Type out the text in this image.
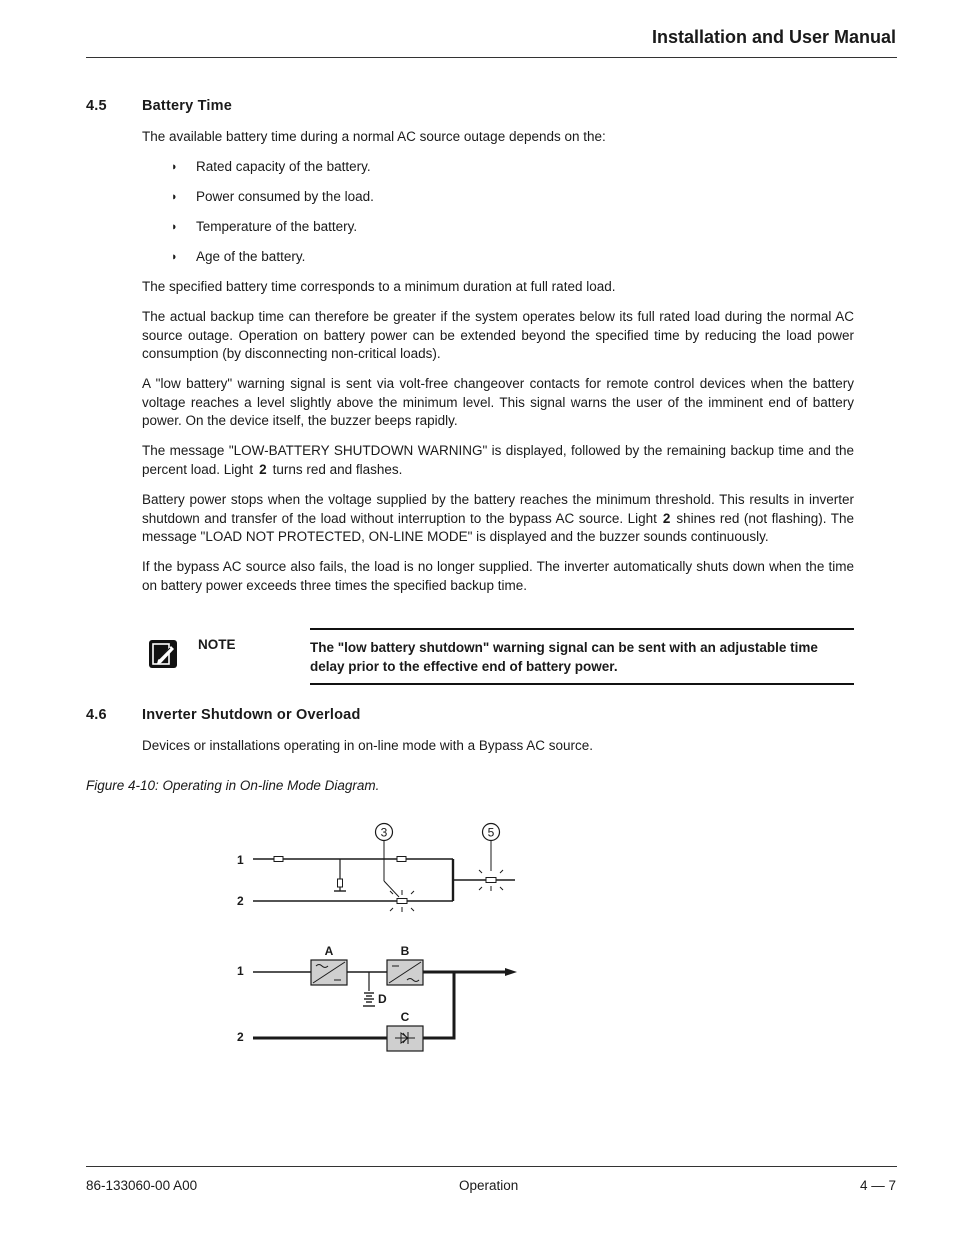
Installation and User Manual
4.5 Battery Time

The available battery time during a normal AC source outage depends on the:

◗ Rated capacity of the battery.
◗ Power consumed by the load.
◗ Temperature of the battery.
◗ Age of the battery.

The specified battery time corresponds to a minimum duration at full rated load.

The actual backup time can therefore be greater if the system operates below its full rated load during the normal AC source outage. Operation on battery power can be extended beyond the specified time by reducing the load power consumption (by disconnecting non-critical loads).

A "low battery" warning signal is sent via volt-free changeover contacts for remote control devices when the battery voltage reaches a level slightly above the minimum level. This signal warns the user of the imminent end of battery power. On the device itself, the buzzer beeps rapidly.

The message "LOW-BATTERY SHUTDOWN WARNING" is displayed, followed by the remaining backup time and the percent load. Light 2 turns red and flashes.

Battery power stops when the voltage supplied by the battery reaches the minimum threshold. This results in inverter shutdown and transfer of the load without interruption to the bypass AC source. Light 2 shines red (not flashing). The message "LOAD NOT PROTECTED, ON-LINE MODE" is displayed and the buzzer sounds continuously.

If the bypass AC source also fails, the load is no longer supplied. The inverter automatically shuts down when the time on battery power exceeds three times the specified backup time.

NOTE	The "low battery shutdown" warning signal can be sent with an adjustable time delay prior to the effective end of battery power.
4.6 Inverter Shutdown or Overload

Devices or installations operating in on-line mode with a Bypass AC source.

Figure 4-10: Operating in On-line Mode Diagram.
1
2
3	5
1
2
A
D
B
C
86-133060-00 A00	Operation	4 — 7
